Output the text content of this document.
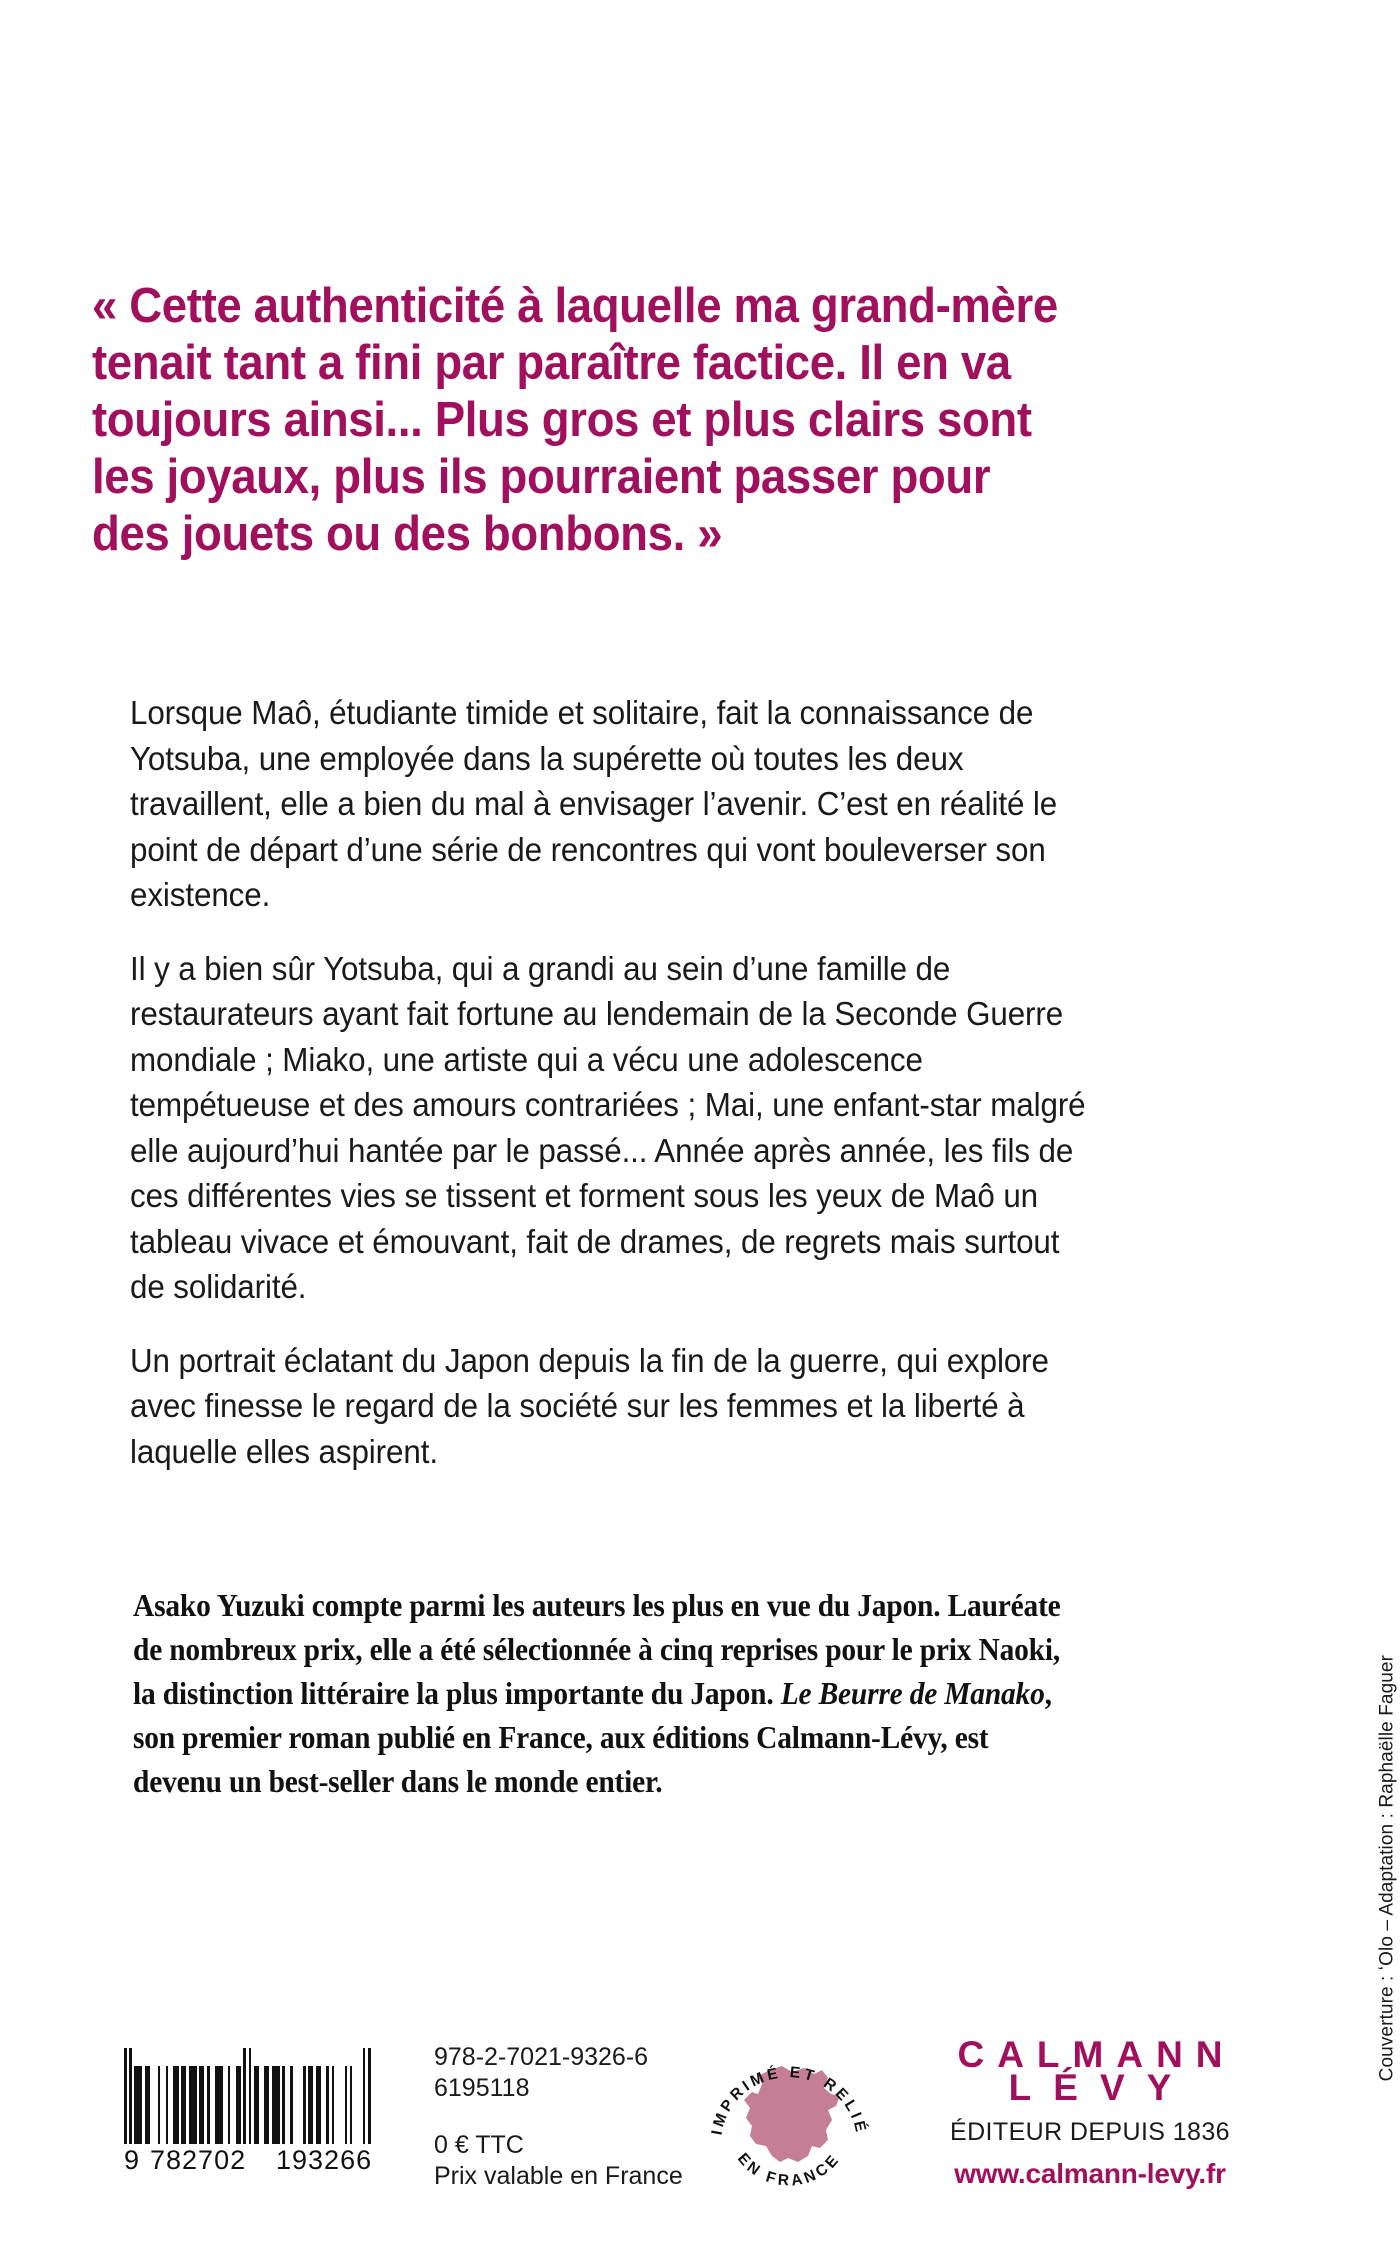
« Cette authenticité à laquelle ma grand-mère tenait tant a fini par paraître factice. Il en va toujours ainsi... Plus gros et plus clairs sont les joyaux, plus ils pourraient passer pour des jouets ou des bonbons. »

Lorsque Maô, étudiante timide et solitaire, fait la connaissance de Yotsuba, une employée dans la supérette où toutes les deux travaillent, elle a bien du mal à envisager l’avenir. C’est en réalité le point de départ d’une série de rencontres qui vont bouleverser son existence.

Il y a bien sûr Yotsuba, qui a grandi au sein d’une famille de restaurateurs ayant fait fortune au lendemain de la Seconde Guerre mondiale ; Miako, une artiste qui a vécu une adolescence tempétueuse et des amours contrariées ; Mai, une enfant-star malgré elle aujourd’hui hantée par le passé... Année après année, les fils de ces différentes vies se tissent et forment sous les yeux de Maô un tableau vivace et émouvant, fait de drames, de regrets mais surtout de solidarité.

Un portrait éclatant du Japon depuis la fin de la guerre, qui explore avec finesse le regard de la société sur les femmes et la liberté à laquelle elles aspirent.

Asako Yuzuki compte parmi les auteurs les plus en vue du Japon. Lauréate de nombreux prix, elle a été sélectionnée à cinq reprises pour le prix Naoki, la distinction littéraire la plus importante du Japon. Le Beurre de Manako, son premier roman publié en France, aux éditions Calmann-Lévy, est devenu un best-seller dans le monde entier.
9 782702 193266
978-2-7021-9326-6
6195118
0 € TTC
Prix valable en France
IMPRIMÉ ET RELIÉ
EN FRANCE
CALMANN
LÉVY
ÉDITEUR DEPUIS 1836
www.calmann-levy.fr
Couverture : ʻOlo – Adaptation : Raphaëlle Faguer
